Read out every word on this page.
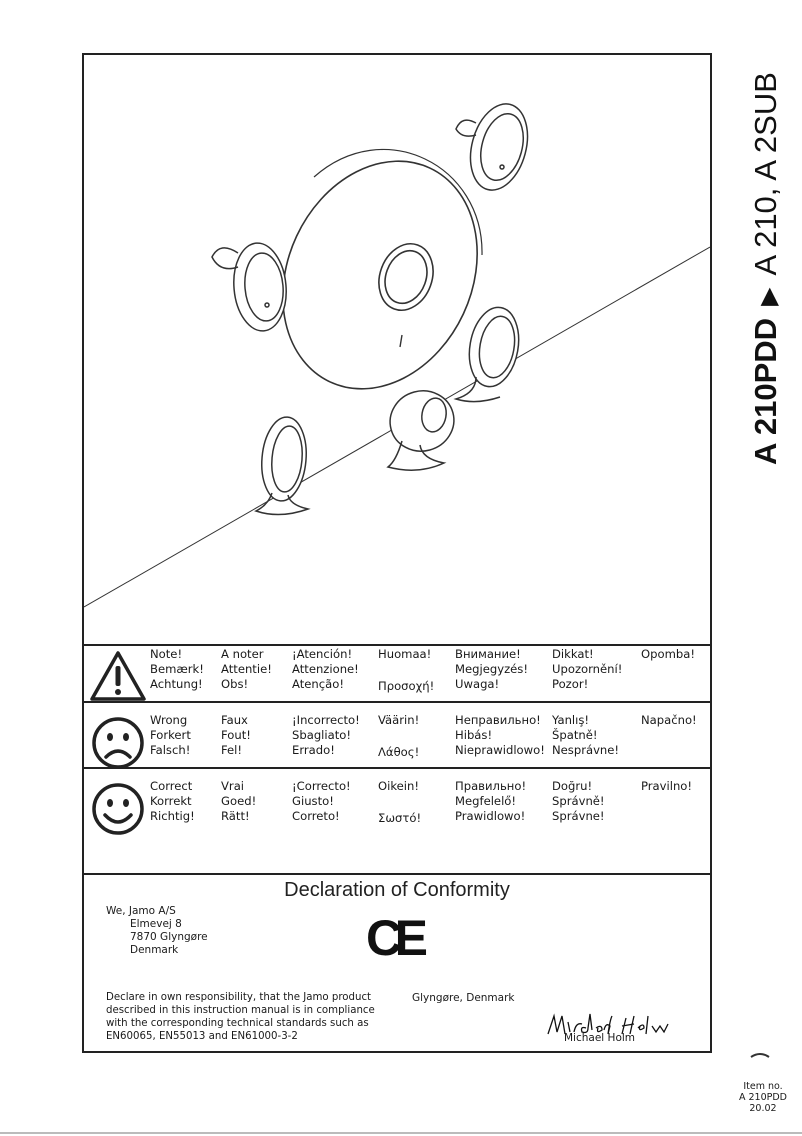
Note!
Bemærk!
Achtung!
A noter
Attentie!
Obs!
¡Atención!
Attenzione!
Atenção!
Huomaa!
Προσοχή!
Внимание!
Megjegyzés!
Uwaga!
Dikkat!
Upozornění!
Pozor!
Opomba!
Wrong
Forkert
Falsch!
Faux
Fout!
Fel!
¡Incorrecto!
Sbagliato!
Errado!
Väärin!
Λάθος!
Неправильно!
Hibás!
Nieprawidlowo!
Yanlış!
Špatně!
Nesprávne!
Napačno!
Correct
Korrekt
Richtig!
Vrai
Goed!
Rätt!
¡Correcto!
Giusto!
Correto!
Oikein!
Σωστό!
Правильно!
Megfelelő!
Prawidlowo!
Doğru!
Správně!
Správne!
Pravilno!
Declaration of Conformity
We, Jamo A/S
Elmevej 8
7870 Glyngøre
Denmark	CE
Declare in own responsibility, that the Jamo product
described in this instruction manual is in compliance
with the corresponding technical standards such as
EN60065, EN55013 and EN61000-3-2
Glyngøre, Denmark
Michael Holm
A 210PDD▶A 210, A 2SUB
Item no.
A 210PDD
20.02
